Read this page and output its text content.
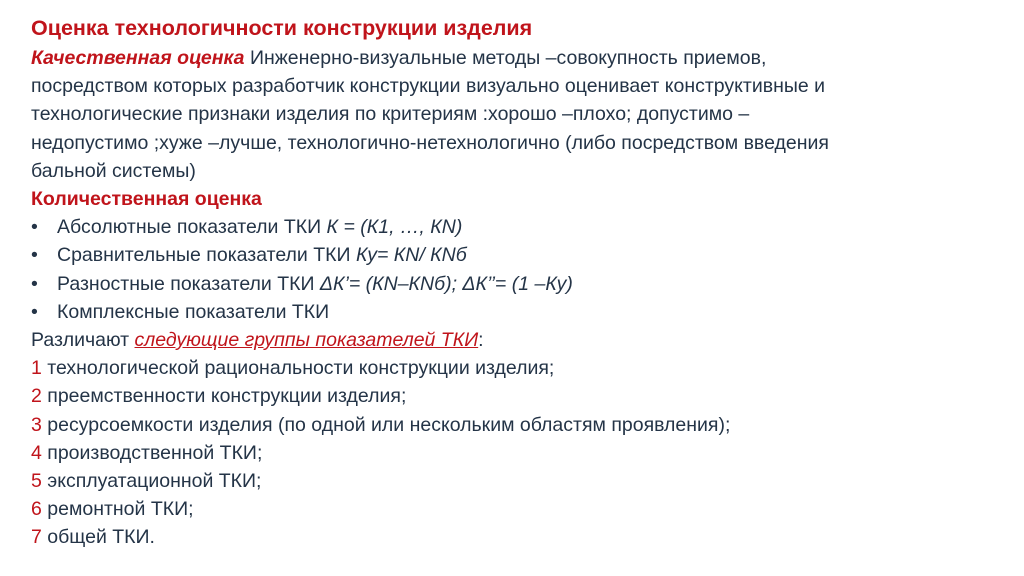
Оценка технологичности конструкции изделия
Качественная оценка Инженерно-визуальные методы –совокупность приемов,
посредством которых разработчик конструкции визуально оценивает конструктивные и
технологические признаки изделия по критериям :хорошо –плохо; допустимо –
недопустимо ;хуже –лучше, технологично-нетехнологично (либо посредством введения
бальной системы)
Количественная оценка
• Абсолютные показатели ТКИ К = (К1, …, КN)
• Сравнительные показатели ТКИ Ку= КN/ КNб
• Разностные показатели ТКИ ΔК’= (КN–КNб); ΔК’’= (1 –Ку)
• Комплексные показатели ТКИ
Различают следующие группы показателей ТКИ:
1 технологической рациональности конструкции изделия;
2 преемственности конструкции изделия;
3 ресурсоемкости изделия (по одной или нескольким областям проявления);
4 производственной ТКИ;
5 эксплуатационной ТКИ;
6 ремонтной ТКИ;
7 общей ТКИ.
